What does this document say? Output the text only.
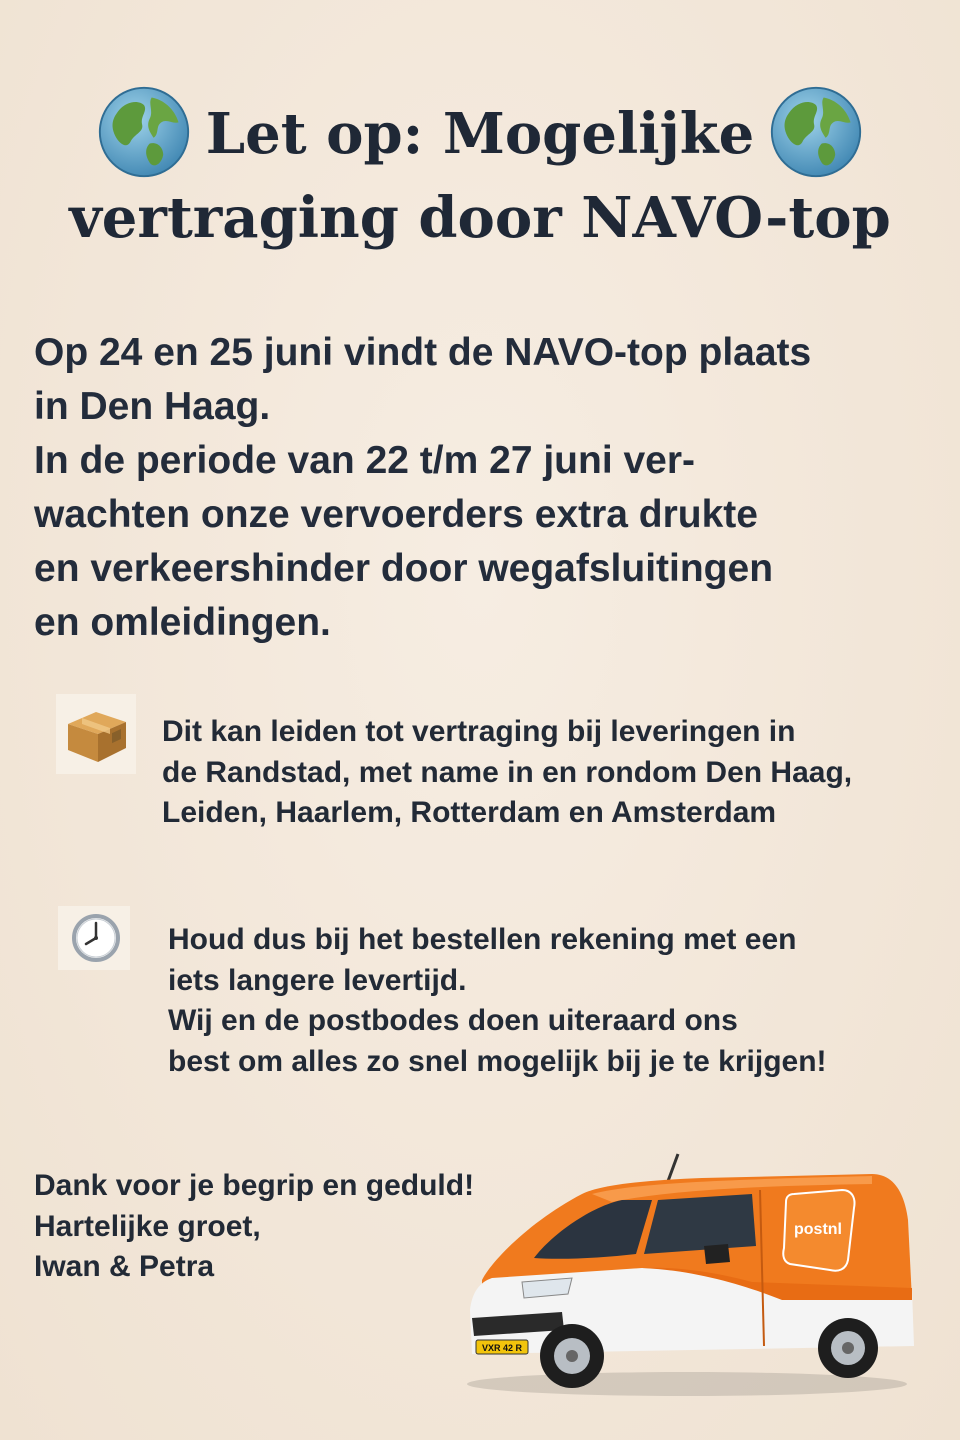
Let op: Mogelijke
vertraging door NAVO-top
Op 24 en 25 juni vindt de NAVO-top plaats
in Den Haag.
In de periode van 22 t/m 27 juni ver-
wachten onze vervoerders extra drukte
en verkeershinder door wegafsluitingen
en omleidingen.
Dit kan leiden tot vertraging bij leveringen in
de Randstad, met name in en rondom Den Haag,
Leiden, Haarlem, Rotterdam en Amsterdam
Houd dus bij het bestellen rekening met een
iets langere levertijd.
Wij en de postbodes doen uiteraard ons
best om alles zo snel mogelijk bij je te krijgen!
Dank voor je begrip en geduld!
Hartelijke groet,
Iwan & Petra
VXR 42 R
postnl
